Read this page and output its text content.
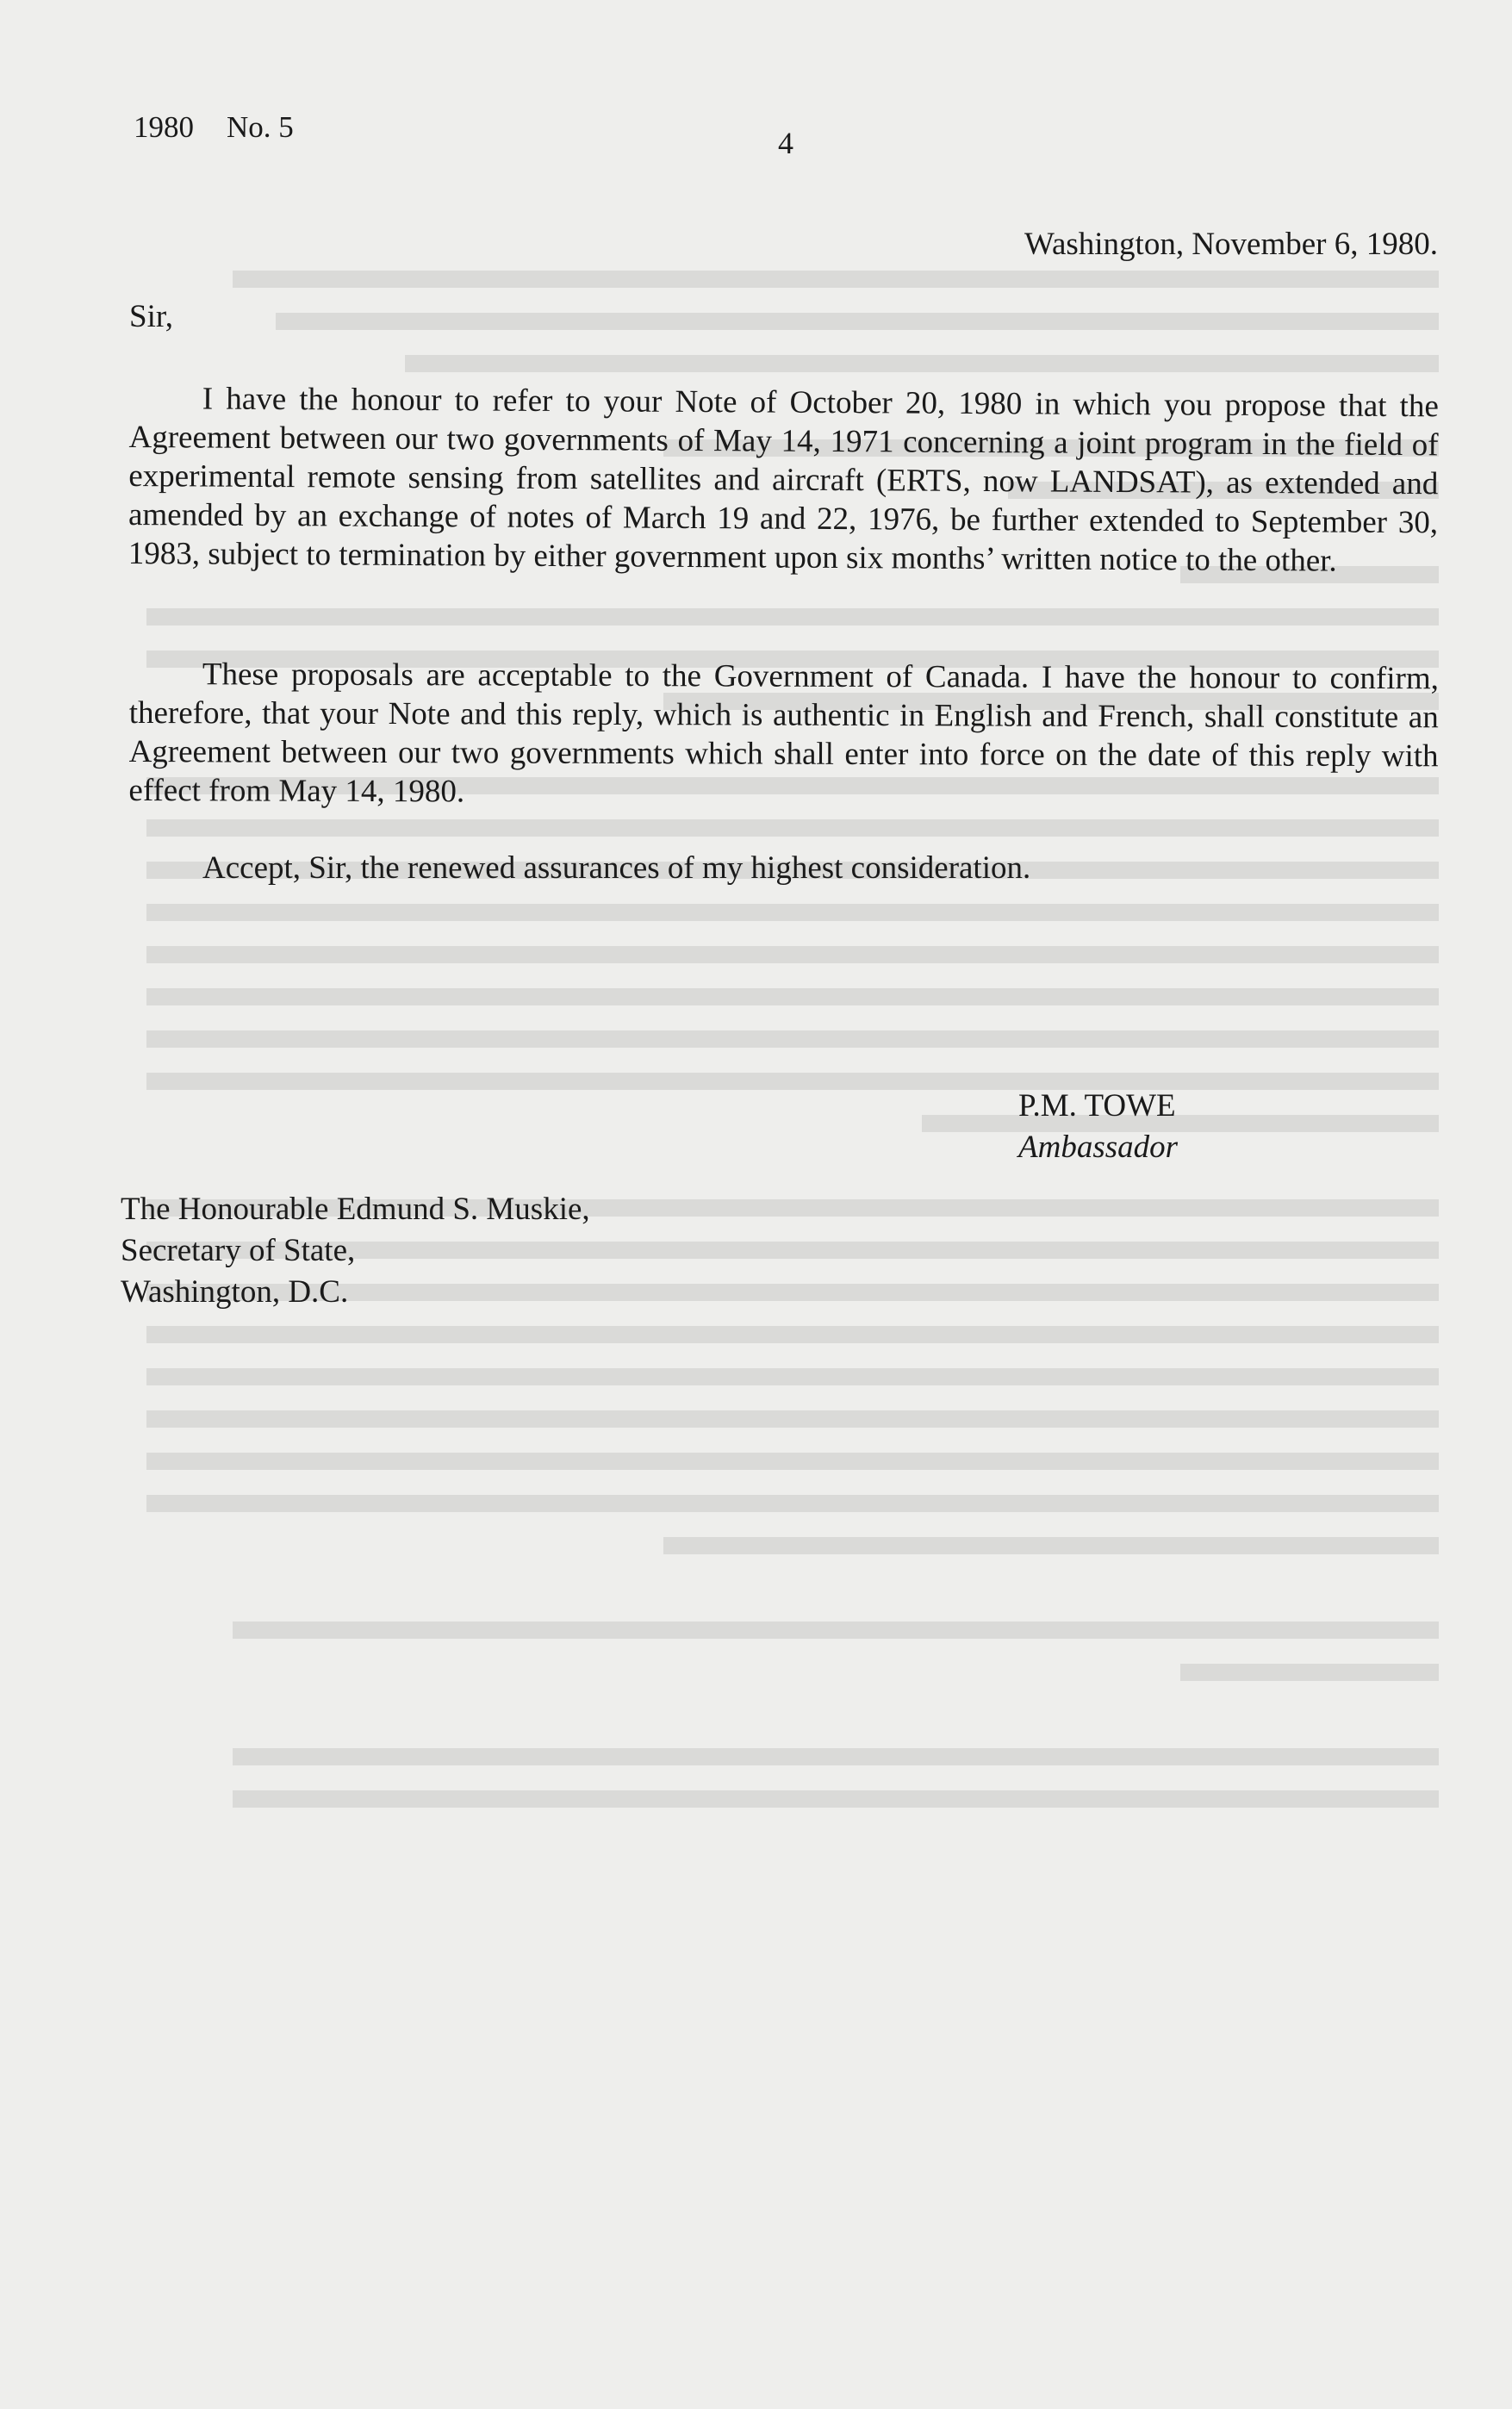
1980 No. 5	4
Washington, November 6, 1980.
Sir,

I have the honour to refer to your Note of October 20, 1980 in which you propose that the Agreement between our two governments of May 14, 1971 concerning a joint program in the field of experimental remote sensing from satellites and aircraft (ERTS, now LANDSAT), as extended and amended by an exchange of notes of March 19 and 22, 1976, be further extended to September 30, 1983, subject to termination by either government upon six months’ written notice to the other.

These proposals are acceptable to the Government of Canada. I have the honour to confirm, therefore, that your Note and this reply, which is authentic in English and French, shall constitute an Agreement between our two governments which shall enter into force on the date of this reply with effect from May 14, 1980.

Accept, Sir, the renewed assurances of my highest consideration.

P.M. TOWE
Ambassador
The Honourable Edmund S. Muskie,
Secretary of State,
Washington, D.C.
